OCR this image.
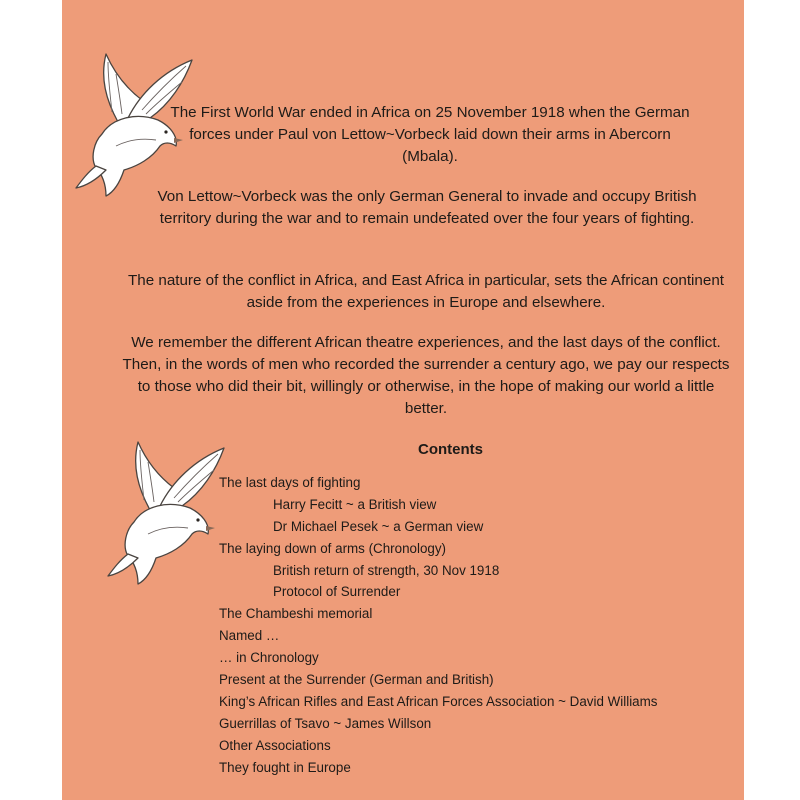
The First World War ended in Africa on 25 November 1918 when the German forces under Paul von Lettow~Vorbeck laid down their arms in Abercorn (Mbala).

Von Lettow~Vorbeck was the only German General to invade and occupy British territory during the war and to remain undefeated over the four years of fighting.

The nature of the conflict in Africa, and East Africa in particular, sets the African continent aside from the experiences in Europe and elsewhere.

We remember the different African theatre experiences, and the last days of the conflict. Then, in the words of men who recorded the surrender a century ago, we pay our respects to those who did their bit, willingly or otherwise, in the hope of making our world a little better.

Contents
The last days of fighting
Harry Fecitt ~ a British view
Dr Michael Pesek ~ a German view
The laying down of arms (Chronology)
British return of strength, 30 Nov 1918
Protocol of Surrender
The Chambeshi memorial
Named …
… in Chronology
Present at the Surrender (German and British)
King’s African Rifles and East African Forces Association ~ David Williams
Guerrillas of Tsavo ~ James Willson
Other Associations
They fought in Europe
